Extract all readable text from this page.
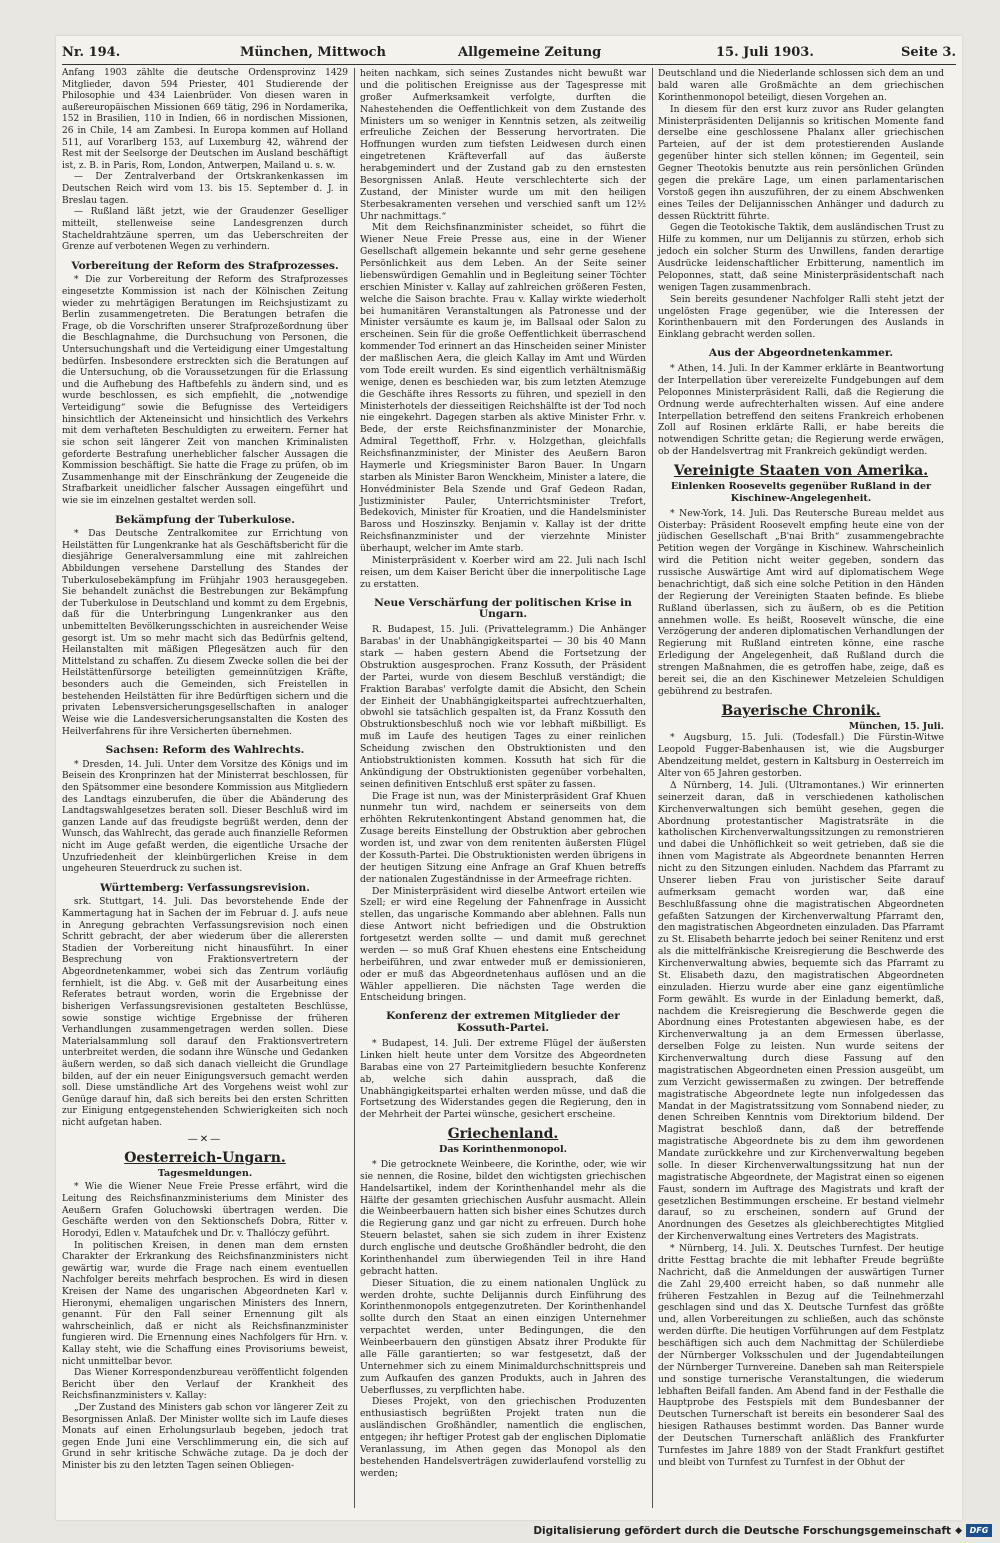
Nr. 194.	München, Mittwoch	Allgemeine Zeitung	15. Juli 1903.	Seite 3.

Anfang 1903 zählte die deutsche Ordensprovinz 1429 Mitglieder, davon 594 Priester, 401 Studierende der Philosophie und 434 Laienbrüder. Von diesen waren in außereuropäischen Missionen 669 tätig, 296 in Nordamerika, 152 in Brasilien, 110 in Indien, 66 in nordischen Missionen, 26 in Chile, 14 am Zambesi. In Europa kommen auf Holland 511, auf Vorarlberg 153, auf Luxemburg 42, während der Rest mit der Seelsorge der Deutschen im Ausland beschäftigt ist, z. B. in Paris, Rom, London, Antwerpen, Mailand u. s. w.

— Der Zentralverband der Ortskrankenkassen im Deutschen Reich wird vom 13. bis 15. September d. J. in Breslau tagen.

— Rußland läßt jetzt, wie der Graudenzer Geselliger mitteilt, stellenweise seine Landesgrenzen durch Stacheldrahtzäune sperren, um das Ueberschreiten der Grenze auf verbotenen Wegen zu verhindern.

Vorbereitung der Reform des Strafprozesses.

* Die zur Vorbereitung der Reform des Strafprozesses eingesetzte Kommission ist nach der Kölnischen Zeitung wieder zu mehrtägigen Beratungen im Reichsjustizamt zu Berlin zusammengetreten. Die Beratungen betrafen die Frage, ob die Vorschriften unserer Strafprozeßordnung über die Beschlagnahme, die Durchsuchung von Personen, die Untersuchungshaft und die Verteidigung einer Umgestaltung bedürfen. Insbesondere erstreckten sich die Beratungen auf die Untersuchung, ob die Voraussetzungen für die Erlassung und die Aufhebung des Haftbefehls zu ändern sind, und es wurde beschlossen, es sich empfiehlt, die „notwendige Verteidigung“ sowie die Befugnisse des Verteidigers hinsichtlich der Akteneinsicht und hinsichtlich des Verkehrs mit dem verhafteten Beschuldigten zu erweitern. Ferner hat sie schon seit längerer Zeit von manchen Kriminalisten geforderte Bestrafung unerheblicher falscher Aussagen die Kommission beschäftigt. Sie hatte die Frage zu prüfen, ob im Zusammenhange mit der Einschränkung der Zeugeneide die Strafbarkeit uneidlicher falscher Aussagen eingeführt und wie sie im einzelnen gestaltet werden soll.

Bekämpfung der Tuberkulose.

* Das Deutsche Zentralkomitee zur Errichtung von Heilstätten für Lungenkranke hat als Geschäftsbericht für die diesjährige Generalversammlung eine mit zahlreichen Abbildungen versehene Darstellung des Standes der Tuberkulosebekämpfung im Frühjahr 1903 herausgegeben. Sie behandelt zunächst die Bestrebungen zur Bekämpfung der Tuberkulose in Deutschland und kommt zu dem Ergebnis, daß für die Unterbringung Lungenkranker aus den unbemittelten Bevölkerungsschichten in ausreichender Weise gesorgt ist. Um so mehr macht sich das Bedürfnis geltend, Heilanstalten mit mäßigen Pflegesätzen auch für den Mittelstand zu schaffen. Zu diesem Zwecke sollen die bei der Heilstättenfürsorge beteiligten gemeinnützigen Kräfte, besonders auch die Gemeinden, sich Freistellen in bestehenden Heilstätten für ihre Bedürftigen sichern und die privaten Lebensversicherungsgesellschaften in analoger Weise wie die Landesversicherungsanstalten die Kosten des Heilverfahrens für ihre Versicherten übernehmen.

Sachsen: Reform des Wahlrechts.

* Dresden, 14. Juli. Unter dem Vorsitze des Königs und im Beisein des Kronprinzen hat der Ministerrat beschlossen, für den Spätsommer eine besondere Kommission aus Mitgliedern des Landtags einzuberufen, die über die Abänderung des Landtagswahlgesetzes beraten soll. Dieser Beschluß wird im ganzen Lande auf das freudigste begrüßt werden, denn der Wunsch, das Wahlrecht, das gerade auch finanzielle Reformen nicht im Auge gefaßt werden, die eigentliche Ursache der Unzufriedenheit der kleinbürgerlichen Kreise in dem ungeheuren Steuerdruck zu suchen ist.

Württemberg: Verfassungsrevision.

srk. Stuttgart, 14. Juli. Das bevorstehende Ende der Kammertagung hat in Sachen der im Februar d. J. aufs neue in Anregung gebrachten Verfassungsrevision noch einen Schritt gebracht, der aber wiederum über die allerersten Stadien der Vorbereitung nicht hinausführt. In einer Besprechung von Fraktionsvertretern der Abgeordnetenkammer, wobei sich das Zentrum vorläufig fernhielt, ist die Abg. v. Geß mit der Ausarbeitung eines Referates betraut worden, worin die Ergebnisse der bisherigen Verfassungsrevisionen gestalteten Beschlüsse, sowie sonstige wichtige Ergebnisse der früheren Verhandlungen zusammengetragen werden sollen. Diese Materialsammlung soll darauf den Fraktionsvertretern unterbreitet werden, die sodann ihre Wünsche und Gedanken äußern werden, so daß sich danach vielleicht die Grundlage bilden, auf der ein neuer Einigungsversuch gemacht werden soll. Diese umständliche Art des Vorgehens weist wohl zur Genüge darauf hin, daß sich bereits bei den ersten Schritten zur Einigung entgegenstehenden Schwierigkeiten sich noch nicht aufgetan haben.

—✕—
Oesterreich-Ungarn.
Tagesmeldungen.

* Wie die Wiener Neue Freie Presse erfährt, wird die Leitung des Reichsfinanzministeriums dem Minister des Aeußern Grafen Goluchowski übertragen werden. Die Geschäfte werden von den Sektionschefs Dobra, Ritter v. Horodyi, Edlen v. Mataufchek und Dr. v. Thallóczy geführt.

In politischen Kreisen, in denen man dem ernsten Charakter der Erkrankung des Reichsfinanzministers nicht gewärtig war, wurde die Frage nach einem eventuellen Nachfolger bereits mehrfach besprochen. Es wird in diesen Kreisen der Name des ungarischen Abgeordneten Karl v. Hieronymi, ehemaligen ungarischen Ministers des Innern, genannt. Für den Fall seiner Ernennung gilt als wahrscheinlich, daß er nicht als Reichsfinanzminister fungieren wird. Die Ernennung eines Nachfolgers für Hrn. v. Kallay steht, wie die Schaffung eines Provisoriums beweist, nicht unmittelbar bevor.

Das Wiener Korrespondenzbureau veröffentlicht folgenden Bericht über den Verlauf der Krankheit des Reichsfinanzministers v. Kallay:

„Der Zustand des Ministers gab schon vor längerer Zeit zu Besorgnissen Anlaß. Der Minister wollte sich im Laufe dieses Monats auf einen Erholungsurlaub begeben, jedoch trat gegen Ende Juni eine Verschlimmerung ein, die sich auf Grund in sehr kritische Schwäche zutage. Da je doch der Minister bis zu den letzten Tagen seinen Obliegen-

heiten nachkam, sich seines Zustandes nicht bewußt war und die politischen Ereignisse aus der Tagespresse mit großer Aufmerksamkeit verfolgte, durften die Nahestehenden die Oeffentlichkeit von dem Zustande des Ministers um so weniger in Kenntnis setzen, als zeitweilig erfreuliche Zeichen der Besserung hervortraten. Die Hoffnungen wurden zum tiefsten Leidwesen durch einen eingetretenen Kräfteverfall auf das äußerste herabgemindert und der Zustand gab zu den ernstesten Besorgnissen Anlaß. Heute verschlechterte sich der Zustand, der Minister wurde um mit den heiligen Sterbesakramenten versehen und verschied sanft um 12½ Uhr nachmittags.“

Mit dem Reichsfinanzminister scheidet, so führt die Wiener Neue Freie Presse aus, eine in der Wiener Gesellschaft allgemein bekannte und sehr gerne gesehene Persönlichkeit aus dem Leben. An der Seite seiner liebenswürdigen Gemahlin und in Begleitung seiner Töchter erschien Minister v. Kallay auf zahlreichen größeren Festen, welche die Saison brachte. Frau v. Kallay wirkte wiederholt bei humanitären Veranstaltungen als Patronesse und der Minister versäumte es kaum je, im Ballsaal oder Salon zu erscheinen. Sein für die große Oeffentlichkeit überraschend kommender Tod erinnert an das Hinscheiden seiner Minister der maßlischen Aera, die gleich Kallay im Amt und Würden vom Tode ereilt wurden. Es sind eigentlich verhältnismäßig wenige, denen es beschieden war, bis zum letzten Atemzuge die Geschäfte ihres Ressorts zu führen, und speziell in den Ministerhotels der diesseitigen Reichshälfte ist der Tod noch nie eingekehrt. Dagegen starben als aktive Minister Frhr. v. Bede, der erste Reichsfinanzminister der Monarchie, Admiral Tegetthoff, Frhr. v. Holzgethan, gleichfalls Reichsfinanzminister, der Minister des Aeußern Baron Haymerle und Kriegsminister Baron Bauer. In Ungarn starben als Minister Baron Wenckheim, Minister a latere, die Honvédminister Bela Szende und Graf Gedeon Radan, Justizminister Pauler, Unterrichtsminister Trefort, Bedekovich, Minister für Kroatien, und die Handelsminister Baross und Hoszinszky. Benjamin v. Kallay ist der dritte Reichsfinanzminister und der vierzehnte Minister überhaupt, welcher im Amte starb.

Ministerpräsident v. Koerber wird am 22. Juli nach Ischl reisen, um dem Kaiser Bericht über die innerpolitische Lage zu erstatten.

Neue Verschärfung der politischen Krise in Ungarn.

R. Budapest, 15. Juli. (Privattelegramm.) Die Anhänger Barabas' in der Unabhängigkeitspartei — 30 bis 40 Mann stark — haben gestern Abend die Fortsetzung der Obstruktion ausgesprochen. Franz Kossuth, der Präsident der Partei, wurde von diesem Beschluß verständigt; die Fraktion Barabas' verfolgte damit die Absicht, den Schein der Einheit der Unabhängigkeitspartei aufrechtzuerhalten, obwohl sie tatsächlich gespalten ist, da Franz Kossuth den Obstruktionsbeschluß noch wie vor lebhaft mißbilligt. Es muß im Laufe des heutigen Tages zu einer reinlichen Scheidung zwischen den Obstruktionisten und den Antiobstruktionisten kommen. Kossuth hat sich für die Ankündigung der Obstruktionisten gegenüber vorbehalten, seinen definitiven Entschluß erst später zu fassen.

Die Frage ist nun, was der Ministerpräsident Graf Khuen nunmehr tun wird, nachdem er seinerseits von dem erhöhten Rekrutenkontingent Abstand genommen hat, die Zusage bereits Einstellung der Obstruktion aber gebrochen worden ist, und zwar von dem renitenten äußersten Flügel der Kossuth-Partei. Die Obstruktionisten werden übrigens in der heutigen Sitzung eine Anfrage an Graf Khuen betreffs der nationalen Zugeständnisse in der Armeefrage richten.

Der Ministerpräsident wird dieselbe Antwort erteilen wie Szell; er wird eine Regelung der Fahnenfrage in Aussicht stellen, das ungarische Kommando aber ablehnen. Falls nun diese Antwort nicht befriedigen und die Obstruktion fortgesetzt werden sollte — und damit muß gerechnet werden — so muß Graf Khuen ehestens eine Entscheidung herbeiführen, und zwar entweder muß er demissionieren, oder er muß das Abgeordnetenhaus auflösen und an die Wähler appellieren. Die nächsten Tage werden die Entscheidung bringen.

Konferenz der extremen Mitglieder der Kossuth-Partei.

* Budapest, 14. Juli. Der extreme Flügel der äußersten Linken hielt heute unter dem Vorsitze des Abgeordneten Barabas eine von 27 Parteimitgliedern besuchte Konferenz ab, welche sich dahin aussprach, daß die Unabhängigkeitspartei erhalten werden müsse, und daß die Fortsetzung des Widerstandes gegen die Regierung, den in der Mehrheit der Partei wünsche, gesichert erscheine.

Griechenland.
Das Korinthenmonopol.

* Die getrocknete Weinbeere, die Korinthe, oder, wie wir sie nennen, die Rosine, bildet den wichtigsten griechischen Handelsartikel, indem der Korinthenhandel mehr als die Hälfte der gesamten griechischen Ausfuhr ausmacht. Allein die Weinbeerbauern hatten sich bisher eines Schutzes durch die Regierung ganz und gar nicht zu erfreuen. Durch hohe Steuern belastet, sahen sie sich zudem in ihrer Existenz durch englische und deutsche Großhändler bedroht, die den Korinthenhandel zum überwiegenden Teil in ihre Hand gebracht hatten.

Dieser Situation, die zu einem nationalen Unglück zu werden drohte, suchte Delijannis durch Einführung des Korinthenmonopols entgegenzutreten. Der Korinthenhandel sollte durch den Staat an einen einzigen Unternehmer verpachtet werden, unter Bedingungen, die den Weinbeerbauern den günstigen Absatz ihrer Produkte für alle Fälle garantierten; so war festgesetzt, daß der Unternehmer sich zu einem Minimaldurchschnittspreis und zum Aufkaufen des ganzen Produkts, auch in Jahren des Ueberflusses, zu verpflichten habe.

Dieses Projekt, von den griechischen Produzenten enthusiastisch begrüßten Projekt traten nun die ausländischen Großhändler, namentlich die englischen, entgegen; ihr heftiger Protest gab der englischen Diplomatie Veranlassung, im Athen gegen das Monopol als den bestehenden Handelsverträgen zuwiderlaufend vorstellig zu werden;

Deutschland und die Niederlande schlossen sich dem an und bald waren alle Großmächte an dem griechischen Korinthenmonopol beteiligt, diesen Vorgehen an.

In diesem für den erst kurz zuvor ans Ruder gelangten Ministerpräsidenten Delijannis so kritischen Momente fand derselbe eine geschlossene Phalanx aller griechischen Parteien, auf der ist dem protestierenden Auslande gegenüber hinter sich stellen können; im Gegenteil, sein Gegner Theotokis benutzte aus rein persönlichen Gründen gegen die prekäre Lage, um einen parlamentarischen Vorstoß gegen ihn auszuführen, der zu einem Abschwenken eines Teiles der Delijannisschen Anhänger und dadurch zu dessen Rücktritt führte.

Gegen die Teotokische Taktik, dem ausländischen Trust zu Hilfe zu kommen, nur um Delijannis zu stürzen, erhob sich jedoch ein solcher Sturm des Unwillens, fanden derartige Ausdrücke leidenschaftlicher Erbitterung, namentlich im Peloponnes, statt, daß seine Ministerpräsidentschaft nach wenigen Tagen zusammenbrach.

Sein bereits gesundener Nachfolger Ralli steht jetzt der ungelösten Frage gegenüber, wie die Interessen der Korinthenbauern mit den Forderungen des Auslands in Einklang gebracht werden sollen.

Aus der Abgeordnetenkammer.

* Athen, 14. Juli. In der Kammer erklärte in Beantwortung der Interpellation über verereizelte Fundgebungen auf dem Peloponnes Ministerpräsident Ralli, daß die Regierung die Ordnung werde aufrechterhalten wissen. Auf eine andere Interpellation betreffend den seitens Frankreich erhobenen Zoll auf Rosinen erklärte Ralli, er habe bereits die notwendigen Schritte getan; die Regierung werde erwägen, ob der Handelsvertrag mit Frankreich gekündigt werden.

Vereinigte Staaten von Amerika.
Einlenken Roosevelts gegenüber Rußland in der Kischinew-Angelegenheit.

* New-York, 14. Juli. Das Reutersche Bureau meldet aus Oisterbay: Präsident Roosevelt empfing heute eine von der jüdischen Gesellschaft „B'nai Brith“ zusammengebrachte Petition wegen der Vorgänge in Kischinew. Wahrscheinlich wird die Petition nicht weiter gegeben, sondern das russische Auswärtige Amt wird auf diplomatischem Wege benachrichtigt, daß sich eine solche Petition in den Händen der Regierung der Vereinigten Staaten befinde. Es bliebe Rußland überlassen, sich zu äußern, ob es die Petition annehmen wolle. Es heißt, Roosevelt wünsche, die eine Verzögerung der anderen diplomatischen Verhandlungen der Regierung mit Rußland eintreten könne, eine rasche Erledigung der Angelegenheit, daß Rußland durch die strengen Maßnahmen, die es getroffen habe, zeige, daß es bereit sei, die an den Kischinewer Metzeleien Schuldigen gebührend zu bestrafen.

Bayerische Chronik.

München, 15. Juli.

* Augsburg, 15. Juli. (Todesfall.) Die Fürstin-Witwe Leopold Fugger-Babenhausen ist, wie die Augsburger Abendzeitung meldet, gestern in Kaltsburg in Oesterreich im Alter von 65 Jahren gestorben.

Δ Nürnberg, 14. Juli. (Ultramontanes.) Wir erinnerten seinerzeit daran, daß in verschiedenen katholischen Kirchenverwaltungen sich bemüht gesehen, gegen die Abordnung protestantischer Magistratsräte in die katholischen Kirchenverwaltungssitzungen zu remonstrieren und dabei die Unhöflichkeit so weit getrieben, daß sie die ihnen vom Magistrate als Abgeordnete benannten Herren nicht zu den Sitzungen einluden. Nachdem das Pfarramt zu Unserer lieben Frau von juristischer Seite darauf aufmerksam gemacht worden war, daß eine Beschlußfassung ohne die magistratischen Abgeordneten gefaßten Satzungen der Kirchenverwaltung Pfarramt den, den magistratischen Abgeordneten einzuladen. Das Pfarramt zu St. Elisabeth beharrte jedoch bei seiner Renitenz und erst als die mittelfränkische Kreisregierung die Beschwerde des Kirchenverwaltung abwies, bequemte sich das Pfarramt zu St. Elisabeth dazu, den magistratischen Abgeordneten einzuladen. Hierzu wurde aber eine ganz eigentümliche Form gewählt. Es wurde in der Einladung bemerkt, daß, nachdem die Kreisregierung die Beschwerde gegen die Abordnung eines Protestanten abgewiesen habe, es der Kirchenverwaltung ja an dem Ermessen überlasse, derselben Folge zu leisten. Nun wurde seitens der Kirchenverwaltung durch diese Fassung auf den magistratischen Abgeordneten einen Pression ausgeübt, um zum Verzicht gewissermaßen zu zwingen. Der betreffende magistratische Abgeordnete legte nun infolgedessen das Mandat in der Magistratssitzung vom Sonnabend nieder, zu denen Schreiben Kenntnis vom Direktorium bildend. Der Magistrat beschloß dann, daß der betreffende magistratische Abgeordnete bis zu dem ihm gewordenen Mandate zurückkehre und zur Kirchenverwaltung begeben solle. In dieser Kirchenverwaltungssitzung hat nun der magistratische Abgeordnete, der Magistrat einen so eigenen Faust, sondern im Auftrage des Magistrats und kraft der gesetzlichen Bestimmungen erscheine. Er bestand vielmehr darauf, so zu erscheinen, sondern auf Grund der Anordnungen des Gesetzes als gleichberechtigtes Mitglied der Kirchenverwaltung eines Vertreters des Magistrats.

* Nürnberg, 14. Juli. X. Deutsches Turnfest. Der heutige dritte Festtag brachte die mit lebhafter Freude begrüßte Nachricht, daß die Anmeldungen der auswärtigen Turner die Zahl 29,400 erreicht haben, so daß nunmehr alle früheren Festzahlen in Bezug auf die Teilnehmerzahl geschlagen sind und das X. Deutsche Turnfest das größte und, allen Vorbereitungen zu schließen, auch das schönste werden dürfte. Die heutigen Vorführungen auf dem Festplatz beschäftigen sich auch dem Nachmittag der Schülerdiebe der Nürnberger Volksschulen und der Jugendabteilungen der Nürnberger Turnvereine. Daneben sah man Reiterspiele und sonstige turnerische Veranstaltungen, die wiederum lebhaften Beifall fanden. Am Abend fand in der Festhalle die Hauptprobe des Festspiels mit dem Bundesbanner der Deutschen Turnerschaft ist bereits ein besonderer Saal des hiesigen Rathauses bestimmt worden. Das Banner wurde der Deutschen Turnerschaft anläßlich des Frankfurter Turnfestes im Jahre 1889 von der Stadt Frankfurt gestiftet und bleibt von Turnfest zu Turnfest in der Obhut der

Digitalisierung gefördert durch die Deutsche Forschungsgemeinschaft ◆ DFG
